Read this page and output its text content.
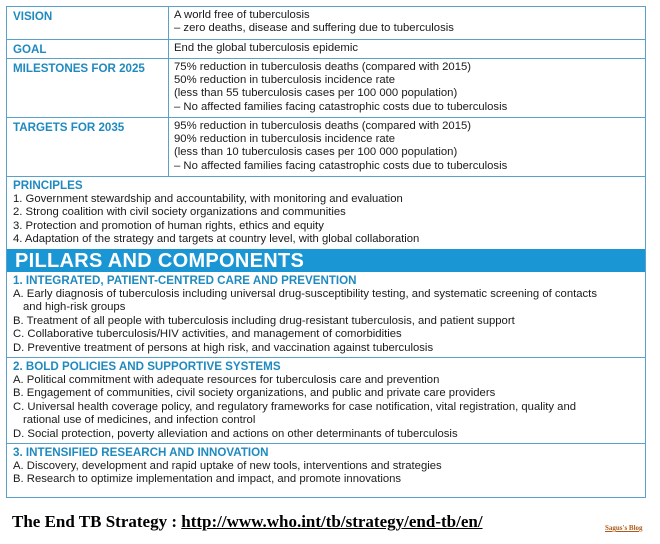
VISION	A world free of tuberculosis
– zero deaths, disease and suffering due to tuberculosis
GOAL	End the global tuberculosis epidemic
MILESTONES FOR 2025	75% reduction in tuberculosis deaths (compared with 2015)
50% reduction in tuberculosis incidence rate
(less than 55 tuberculosis cases per 100 000 population)
– No affected families facing catastrophic costs due to tuberculosis
TARGETS FOR 2035	95% reduction in tuberculosis deaths (compared with 2015)
90% reduction in tuberculosis incidence rate
(less than 10 tuberculosis cases per 100 000 population)
– No affected families facing catastrophic costs due to tuberculosis
PRINCIPLES
1. Government stewardship and accountability, with monitoring and evaluation
2. Strong coalition with civil society organizations and communities
3. Protection and promotion of human rights, ethics and equity
4. Adaptation of the strategy and targets at country level, with global collaboration
PILLARS AND COMPONENTS
1. INTEGRATED, PATIENT-CENTRED CARE AND PREVENTION
A. Early diagnosis of tuberculosis including universal drug-susceptibility testing, and systematic screening of contacts
and high-risk groups
B. Treatment of all people with tuberculosis including drug-resistant tuberculosis, and patient support
C. Collaborative tuberculosis/HIV activities, and management of comorbidities
D. Preventive treatment of persons at high risk, and vaccination against tuberculosis
2. BOLD POLICIES AND SUPPORTIVE SYSTEMS
A. Political commitment with adequate resources for tuberculosis care and prevention
B. Engagement of communities, civil society organizations, and public and private care providers
C. Universal health coverage policy, and regulatory frameworks for case notification, vital registration, quality and
rational use of medicines, and infection control
D. Social protection, poverty alleviation and actions on other determinants of tuberculosis
3. INTENSIFIED RESEARCH AND INNOVATION
A. Discovery, development and rapid uptake of new tools, interventions and strategies
B. Research to optimize implementation and impact, and promote innovations
The End TB Strategy : http://www.who.int/tb/strategy/end-tb/en/	Sagus's Blog
